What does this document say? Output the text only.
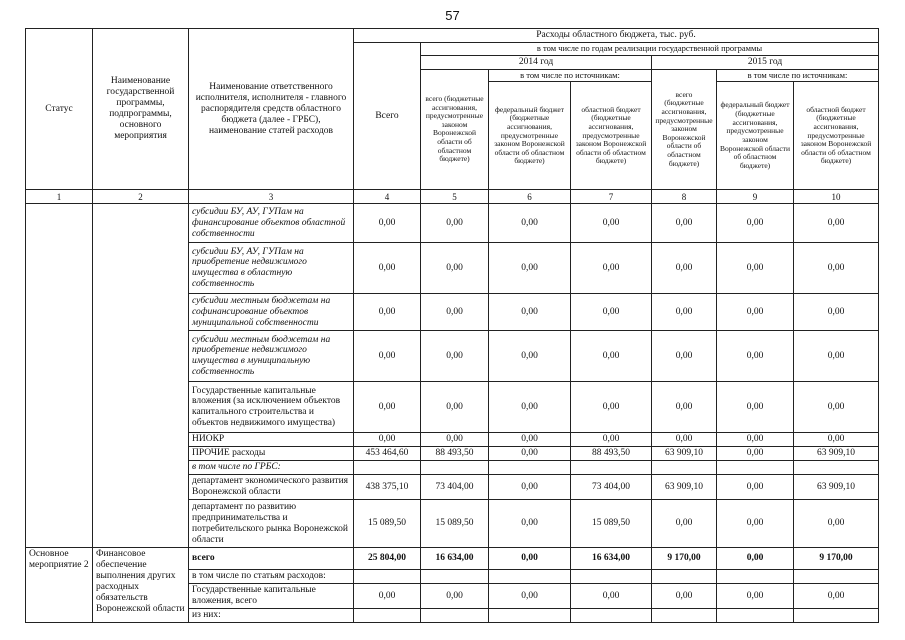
57
Статус	Наименование государственной программы, подпрограммы, основного мероприятия	Наименование ответственного исполнителя, исполнителя - главного распорядителя средств областного бюджета (далее - ГРБС), наименование статей расходов	Расходы областного бюджета, тыс. руб.						
			Всего	в том числе по годам реализации государственной программы					
				2014 год			2015 год		
				всего (бюджетные ассигнования, предусмотренные законом Воронежской области об областном бюджете)	в том числе по источникам:		всего (бюджетные ассигнования, предусмотренные законом Воронежской области об областном бюджете)	в том числе по источникам:	
					федеральный бюджет (бюджетные ассигнования, предусмотренные законом Воронежской области об областном бюджете)	областной бюджет (бюджетные ассигнования, предусмотренные законом Воронежской области об областном бюджете)		федеральный бюджет (бюджетные ассигнования, предусмотренные законом Воронежской области об областном бюджете)	областной бюджет (бюджетные ассигнования, предусмотренные законом Воронежской области об областном бюджете)
1	2	3	4	5	6	7	8	9	10
		субсидии БУ, АУ, ГУПам на финансирование объектов областной собственности	0,00	0,00	0,00	0,00	0,00	0,00	0,00
		субсидии БУ, АУ, ГУПам на приобретение недвижимого имущества в областную собственность	0,00	0,00	0,00	0,00	0,00	0,00	0,00
		субсидии местным бюджетам на софинансирование объектов муниципальной собственности	0,00	0,00	0,00	0,00	0,00	0,00	0,00
		субсидии местным бюджетам на приобретение недвижимого имущества в муниципальную собственность	0,00	0,00	0,00	0,00	0,00	0,00	0,00
		Государственные капитальные вложения (за исключением объектов капитального строительства и объектов недвижимого имущества)	0,00	0,00	0,00	0,00	0,00	0,00	0,00
		НИОКР	0,00	0,00	0,00	0,00	0,00	0,00	0,00
		ПРОЧИЕ расходы	453 464,60	88 493,50	0,00	88 493,50	63 909,10	0,00	63 909,10
		в том числе по ГРБС:							
		департамент экономического развития Воронежской области	438 375,10	73 404,00	0,00	73 404,00	63 909,10	0,00	63 909,10
		департамент по развитию предпринимательства и потребительского рынка Воронежской области	15 089,50	15 089,50	0,00	15 089,50	0,00	0,00	0,00
Основное мероприятие 2	Финансовое обеспечение выполнения других расходных обязательств Воронежской области	всего	25 804,00	16 634,00	0,00	16 634,00	9 170,00	0,00	9 170,00
		в том числе по статьям расходов:							
		Государственные капитальные вложения, всего	0,00	0,00	0,00	0,00	0,00	0,00	0,00
		из них:							
